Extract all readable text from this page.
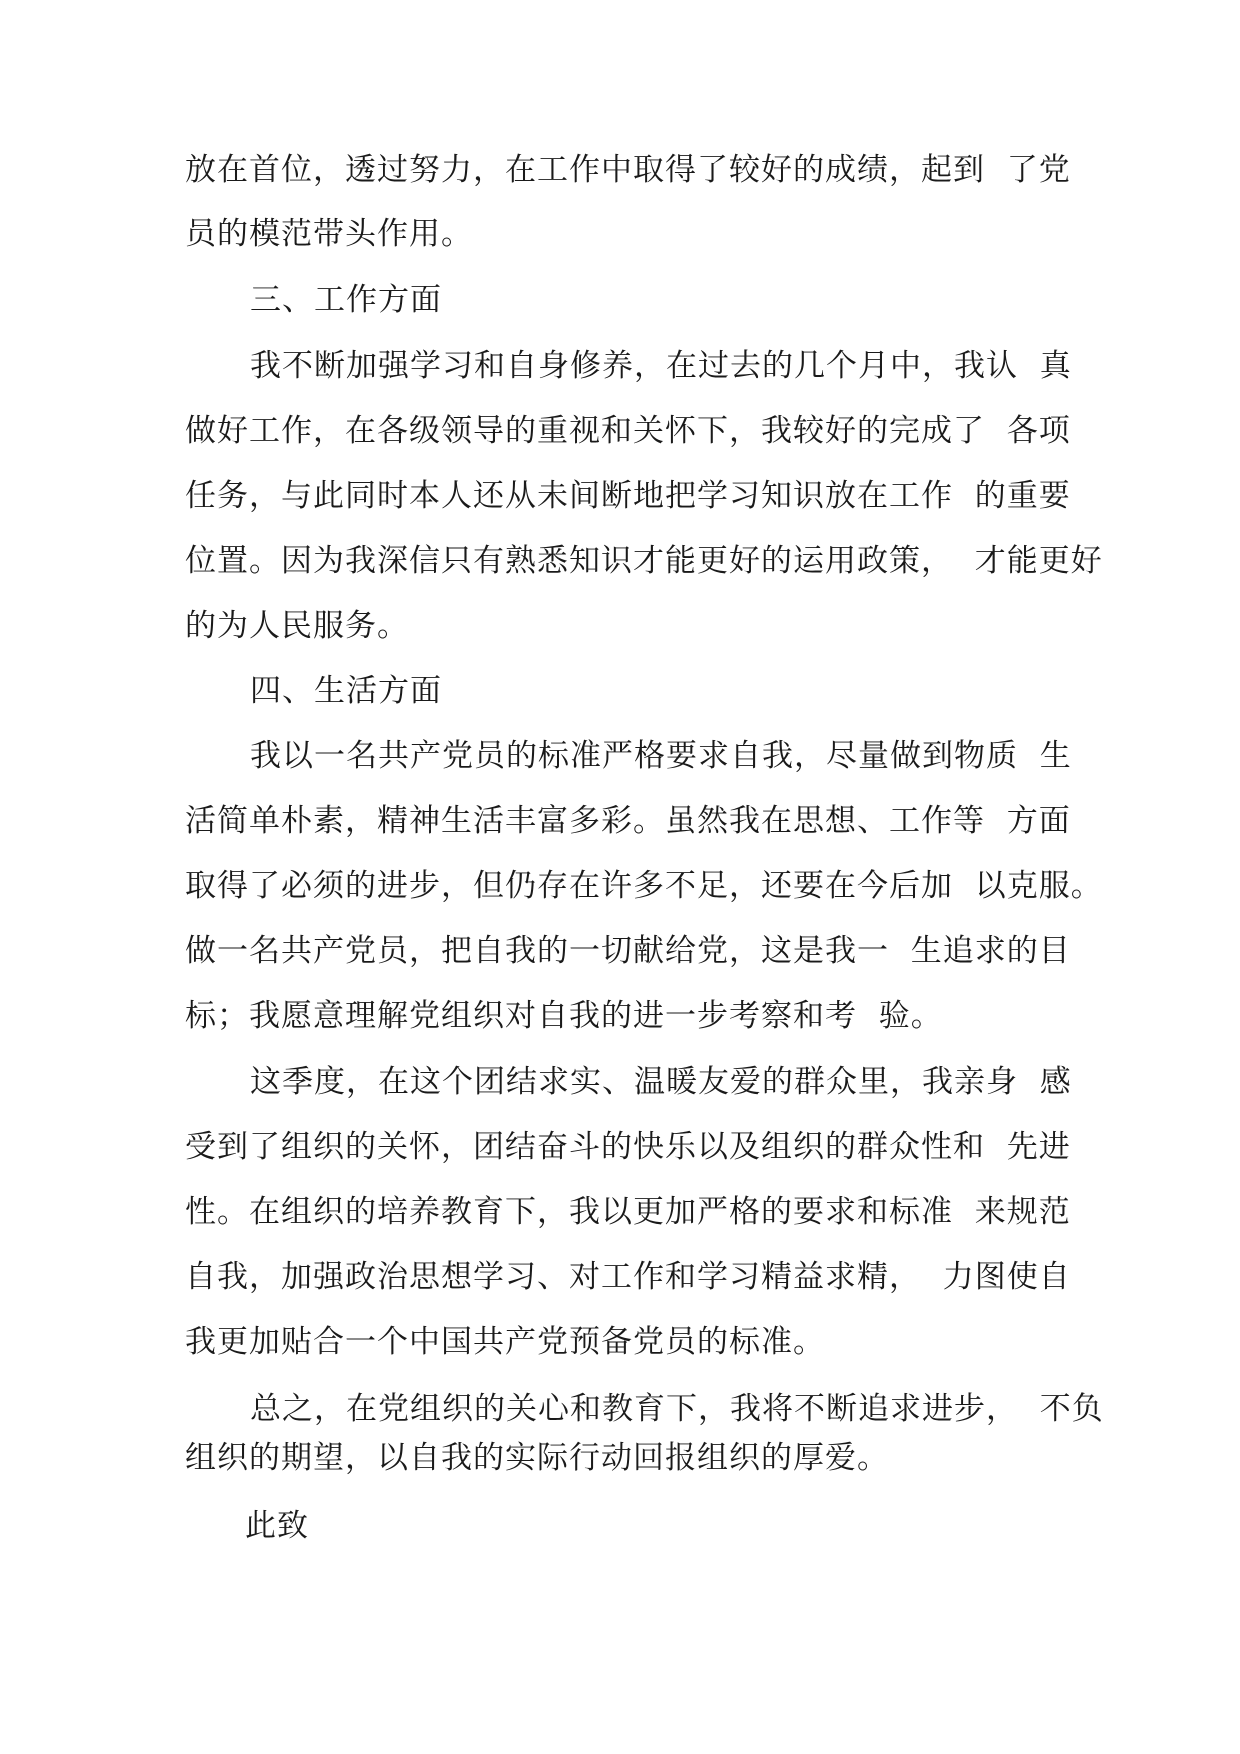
放在首位，透过努力，在工作中取得了较好的成绩，起到  了党

员的模范带头作用。

三、工作方面

我不断加强学习和自身修养，在过去的几个月中，我认  真

做好工作，在各级领导的重视和关怀下，我较好的完成了  各项

任务，与此同时本人还从未间断地把学习知识放在工作  的重要

位置。因为我深信只有熟悉知识才能更好的运用政策，  才能更好

的为人民服务。

四、生活方面

我以一名共产党员的标准严格要求自我，尽量做到物质  生

活简单朴素，精神生活丰富多彩。虽然我在思想、工作等  方面

取得了必须的进步，但仍存在许多不足，还要在今后加  以克服。

做一名共产党员，把自我的一切献给党，这是我一  生追求的目

标；我愿意理解党组织对自我的进一步考察和考  验。

这季度，在这个团结求实、温暖友爱的群众里，我亲身  感

受到了组织的关怀，团结奋斗的快乐以及组织的群众性和  先进

性。在组织的培养教育下，我以更加严格的要求和标准  来规范

自我，加强政治思想学习、对工作和学习精益求精，  力图使自

我更加贴合一个中国共产党预备党员的标准。

总之，在党组织的关心和教育下，我将不断追求进步，  不负

组织的期望，以自我的实际行动回报组织的厚爱。

此致
